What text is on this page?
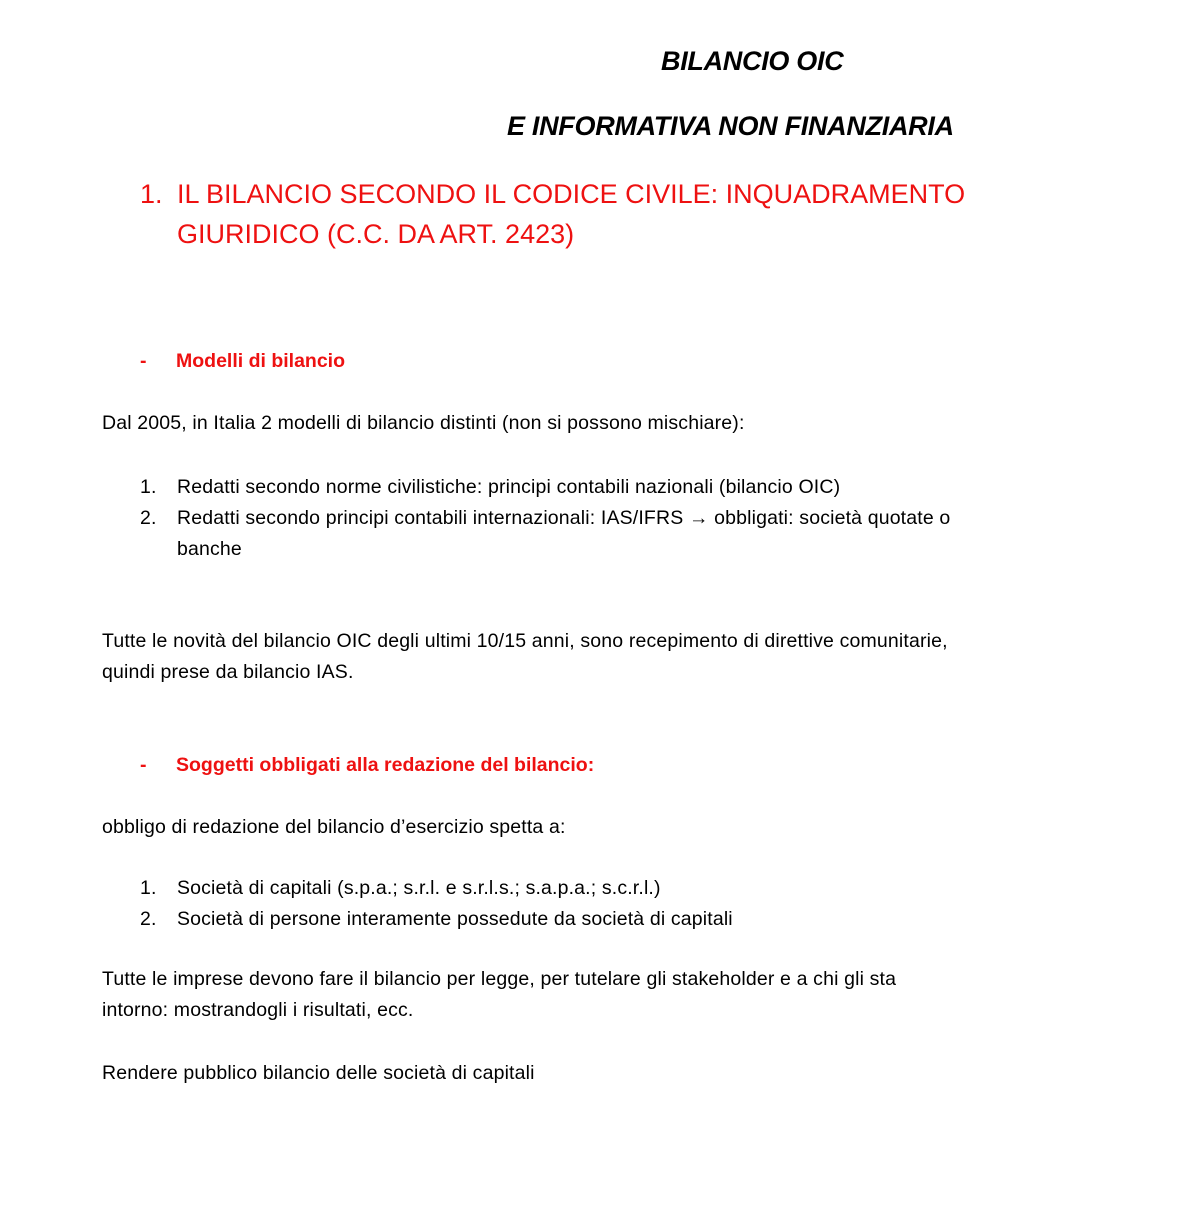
BILANCIO OIC
E INFORMATIVA NON FINANZIARIA
1. IL BILANCIO SECONDO IL CODICE CIVILE: INQUADRAMENTO
GIURIDICO (C.C. DA ART. 2423)
- Modelli di bilancio
Dal 2005, in Italia 2 modelli di bilancio distinti (non si possono mischiare):
1. Redatti secondo norme civilistiche: principi contabili nazionali (bilancio OIC)
2. Redatti secondo principi contabili internazionali: IAS/IFRS → obbligati: società quotate o
banche
Tutte le novità del bilancio OIC degli ultimi 10/15 anni, sono recepimento di direttive comunitarie,
quindi prese da bilancio IAS.
- Soggetti obbligati alla redazione del bilancio:
obbligo di redazione del bilancio d’esercizio spetta a:
1. Società di capitali (s.p.a.; s.r.l. e s.r.l.s.; s.a.p.a.; s.c.r.l.)
2. Società di persone interamente possedute da società di capitali
Tutte le imprese devono fare il bilancio per legge, per tutelare gli stakeholder e a chi gli sta
intorno: mostrandogli i risultati, ecc.
Rendere pubblico bilancio delle società di capitali
